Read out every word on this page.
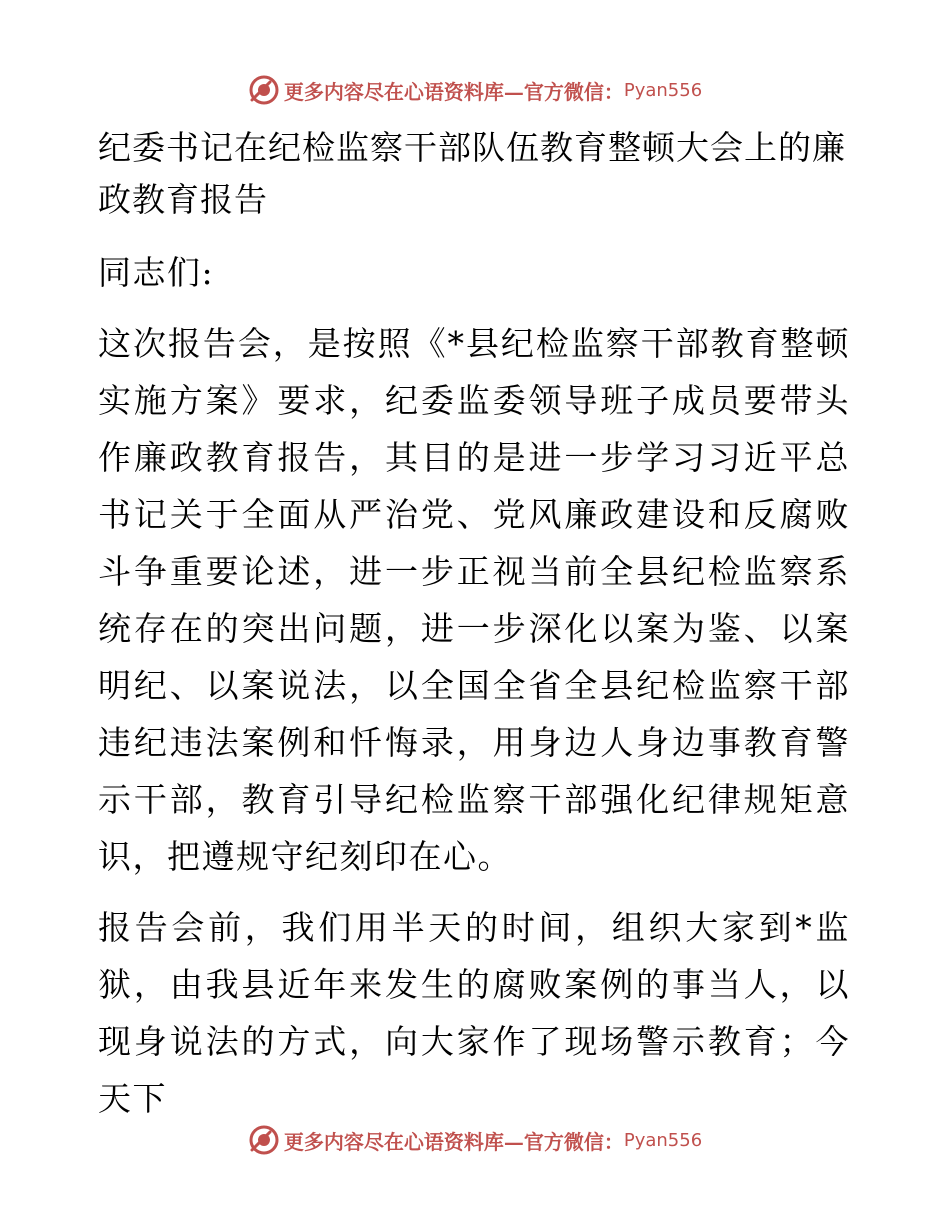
更多内容尽在心语资料库—官方微信： Pyan556
纪委书记在纪检监察干部队伍教育整顿大会上的廉政教育报告

同志们:

这次报告会，是按照《*县纪检监察干部教育整顿实施方案》要求，纪委监委领导班子成员要带头作廉政教育报告，其目的是进一步学习习近平总书记关于全面从严治党、党风廉政建设和反腐败斗争重要论述，进一步正视当前全县纪检监察系统存在的突出问题，进一步深化以案为鉴、以案明纪、以案说法，以全国全省全县纪检监察干部违纪违法案例和忏悔录，用身边人身边事教育警示干部，教育引导纪检监察干部强化纪律规矩意识，把遵规守纪刻印在心。

报告会前，我们用半天的时间，组织大家到*监狱，由我县近年来发生的腐败案例的事当人，以现身说法的方式，向大家作了现场警示教育；今天下

更多内容尽在心语资料库—官方微信： Pyan556
